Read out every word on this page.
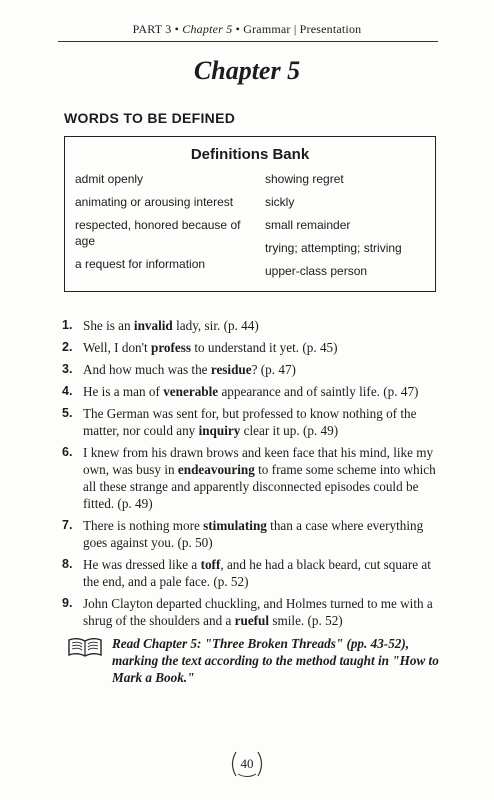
PART 3 • Chapter 5 • Grammar | Presentation
Chapter 5
WORDS TO BE DEFINED
Definitions Bank
admit openly
animating or arousing interest
respected, honored because of age
a request for information
showing regret
sickly
small remainder
trying; attempting; striving
upper-class person
1. She is an invalid lady, sir. (p. 44)
2. Well, I don't profess to understand it yet. (p. 45)
3. And how much was the residue? (p. 47)
4. He is a man of venerable appearance and of saintly life. (p. 47)
5. The German was sent for, but professed to know nothing of the matter, nor could any inquiry clear it up. (p. 49)
6. I knew from his drawn brows and keen face that his mind, like my own, was busy in endeavouring to frame some scheme into which all these strange and apparently disconnected episodes could be fitted. (p. 49)
7. There is nothing more stimulating than a case where everything goes against you. (p. 50)
8. He was dressed like a toff, and he had a black beard, cut square at the end, and a pale face. (p. 52)
9. John Clayton departed chuckling, and Holmes turned to me with a shrug of the shoulders and a rueful smile. (p. 52)
Read Chapter 5: "Three Broken Threads" (pp. 43-52), marking the text according to the method taught in "How to Mark a Book."
40
